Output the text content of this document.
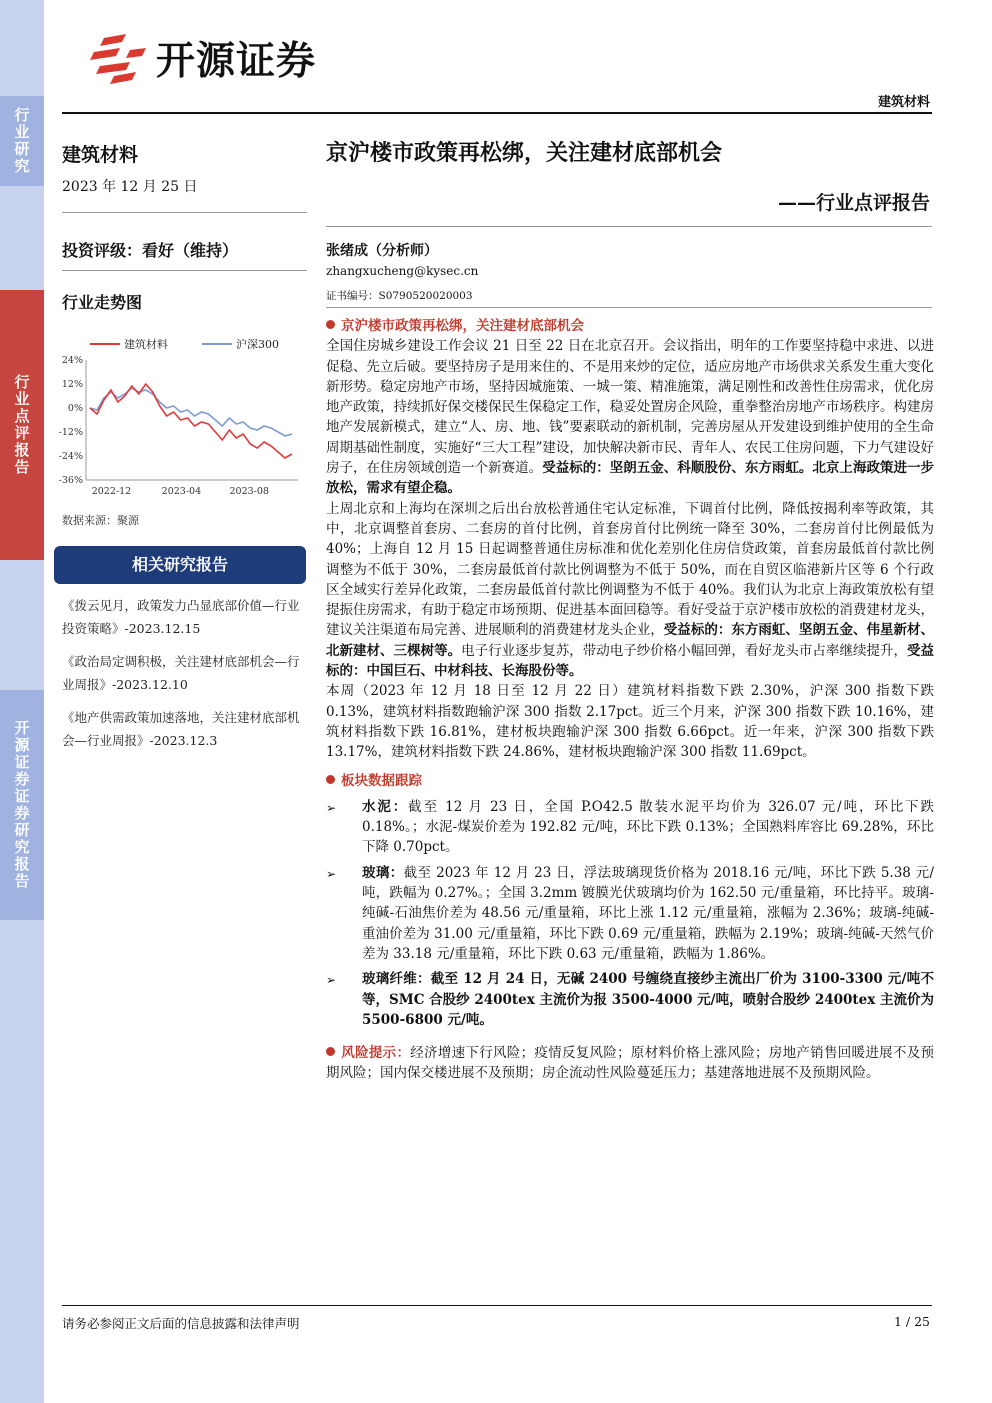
行
业
研
究
行
业
点
评
报
告
开
源
证
券
证
券
研
究
报
告
开源证券
建筑材料
建筑材料
2023 年 12 月 25 日
投资评级：看好（维持）
行业走势图
24%
12%
0%
-12%
-24%
-36%
2022-12	2023-04	2023-08
建筑材料	沪深300
数据来源：聚源
相关研究报告
《拨云见月，政策发力凸显底部价值—行业投资策略》-2023.12.15
《政治局定调积极，关注建材底部机会—行业周报》-2023.12.10
《地产供需政策加速落地，关注建材底部机会—行业周报》-2023.12.3
京沪楼市政策再松绑，关注建材底部机会
——行业点评报告
张绪成（分析师）
zhangxucheng@kysec.cn
证书编号：S0790520020003
京沪楼市政策再松绑，关注建材底部机会
全国住房城乡建设工作会议 21 日至 22 日在北京召开。会议指出，明年的工作要坚持稳中求进、以进促稳、先立后破。要坚持房子是用来住的、不是用来炒的定位，适应房地产市场供求关系发生重大变化新形势。稳定房地产市场，坚持因城施策、一城一策、精准施策，满足刚性和改善性住房需求，优化房地产政策，持续抓好保交楼保民生保稳定工作，稳妥处置房企风险，重拳整治房地产市场秩序。构建房地产发展新模式，建立“人、房、地、钱”要素联动的新机制，完善房屋从开发建设到维护使用的全生命周期基础性制度，实施好“三大工程”建设，加快解决新市民、青年人、农民工住房问题，下力气建设好房子，在住房领域创造一个新赛道。受益标的：坚朗五金、科顺股份、东方雨虹。北京上海政策进一步放松，需求有望企稳。
上周北京和上海均在深圳之后出台放松普通住宅认定标准，下调首付比例，降低按揭利率等政策，其中，北京调整首套房、二套房的首付比例，首套房首付比例统一降至 30%，二套房首付比例最低为 40%；上海自 12 月 15 日起调整普通住房标准和优化差别化住房信贷政策，首套房最低首付款比例调整为不低于 30%，二套房最低首付款比例调整为不低于 50%，而在自贸区临港新片区等 6 个行政区全域实行差异化政策，二套房最低首付款比例调整为不低于 40%。我们认为北京上海政策放松有望提振住房需求，有助于稳定市场预期、促进基本面回稳等。看好受益于京沪楼市放松的消费建材龙头，建议关注渠道布局完善、进展顺利的消费建材龙头企业，受益标的：东方雨虹、坚朗五金、伟星新材、北新建材、三棵树等。电子行业逐步复苏，带动电子纱价格小幅回弹，看好龙头市占率继续提升，受益标的：中国巨石、中材科技、长海股份等。
本周（2023 年 12 月 18 日至 12 月 22 日）建筑材料指数下跌 2.30%，沪深 300 指数下跌 0.13%，建筑材料指数跑输沪深 300 指数 2.17pct。近三个月来，沪深 300 指数下跌 10.16%，建筑材料指数下跌 16.81%，建材板块跑输沪深 300 指数 6.66pct。近一年来，沪深 300 指数下跌 13.17%，建筑材料指数下跌 24.86%，建材板块跑输沪深 300 指数 11.69pct。
板块数据跟踪
➢	水泥：截至 12 月 23 日，全国 P.O42.5 散装水泥平均价为 326.07 元/吨，环比下跌 0.18%。；水泥-煤炭价差为 192.82 元/吨，环比下跌 0.13%；全国熟料库容比 69.28%，环比下降 0.70pct。
➢	玻璃：截至 2023 年 12 月 23 日，浮法玻璃现货价格为 2018.16 元/吨，环比下跌 5.38 元/吨，跌幅为 0.27%。；全国 3.2mm 镀膜光伏玻璃均价为 162.50 元/重量箱，环比持平。玻璃-纯碱-石油焦价差为 48.56 元/重量箱，环比上涨 1.12 元/重量箱，涨幅为 2.36%；玻璃-纯碱-重油价差为 31.00 元/重量箱，环比下跌 0.69 元/重量箱，跌幅为 2.19%；玻璃-纯碱-天然气价差为 33.18 元/重量箱，环比下跌 0.63 元/重量箱，跌幅为 1.86%。
➢	玻璃纤维：截至 12 月 24 日，无碱 2400 号缠绕直接纱主流出厂价为 3100-3300 元/吨不等，SMC 合股纱 2400tex 主流价为报 3500-4000 元/吨，喷射合股纱 2400tex 主流价为 5500-6800 元/吨。
风险提示：经济增速下行风险；疫情反复风险；原材料价格上涨风险；房地产销售回暖进展不及预期风险；国内保交楼进展不及预期；房企流动性风险蔓延压力；基建落地进展不及预期风险。
请务必参阅正文后面的信息披露和法律声明	1 / 25
